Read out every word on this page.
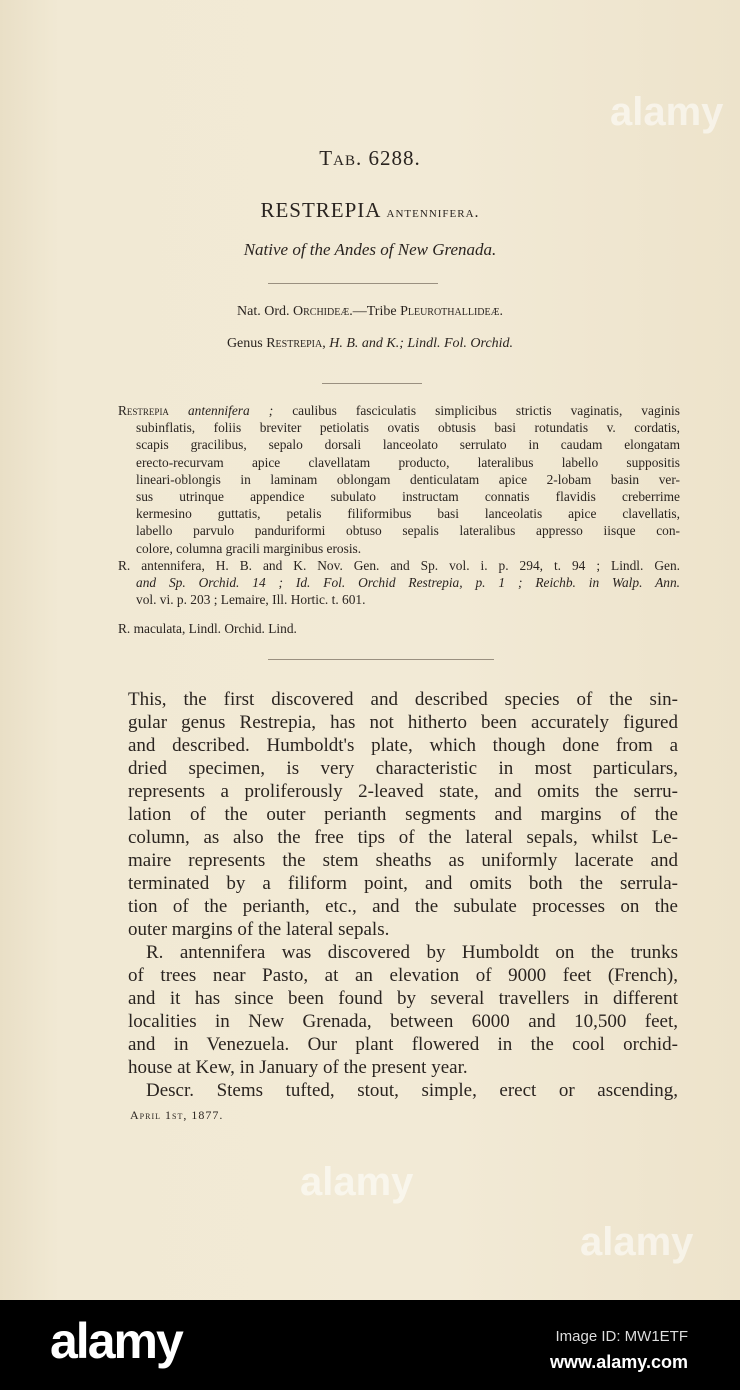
Tab. 6288.
RESTREPIA antennifera.
Native of the Andes of New Grenada.
Nat. Ord. Orchideæ.—Tribe Pleurothallideæ.
Genus Restrepia, H. B. and K.; Lindl. Fol. Orchid.
Restrepia antennifera ; caulibus fasciculatis simplicibus strictis vaginatis, vaginis
subinflatis, foliis breviter petiolatis ovatis obtusis basi rotundatis v. cordatis,
scapis gracilibus, sepalo dorsali lanceolato serrulato in caudam elongatam
erecto-recurvam apice clavellatam producto, lateralibus labello suppositis
lineari-oblongis in laminam oblongam denticulatam apice 2-lobam basin ver-
sus utrinque appendice subulato instructam connatis flavidis creberrime
kermesino guttatis, petalis filiformibus basi lanceolatis apice clavellatis,
labello parvulo panduriformi obtuso sepalis lateralibus appresso iisque con-
colore, columna gracili marginibus erosis.
R. antennifera, H. B. and K. Nov. Gen. and Sp. vol. i. p. 294, t. 94 ; Lindl. Gen.
and Sp. Orchid. 14 ; Id. Fol. Orchid Restrepia, p. 1 ; Reichb. in Walp. Ann.
vol. vi. p. 203 ; Lemaire, Ill. Hortic. t. 601.
R. maculata, Lindl. Orchid. Lind.
This, the first discovered and described species of the sin-
gular genus Restrepia, has not hitherto been accurately figured
and described. Humboldt's plate, which though done from a
dried specimen, is very characteristic in most particulars,
represents a proliferously 2-leaved state, and omits the serru-
lation of the outer perianth segments and margins of the
column, as also the free tips of the lateral sepals, whilst Le-
maire represents the stem sheaths as uniformly lacerate and
terminated by a filiform point, and omits both the serrula-
tion of the perianth, etc., and the subulate processes on the
outer margins of the lateral sepals.
R. antennifera was discovered by Humboldt on the trunks
of trees near Pasto, at an elevation of 9000 feet (French),
and it has since been found by several travellers in different
localities in New Grenada, between 6000 and 10,500 feet,
and in Venezuela. Our plant flowered in the cool orchid-
house at Kew, in January of the present year.
Descr. Stems tufted, stout, simple, erect or ascending,
April 1st, 1877.
alamy
alamy
alamy
alamy	Image ID: MW1ETF
www.alamy.com
